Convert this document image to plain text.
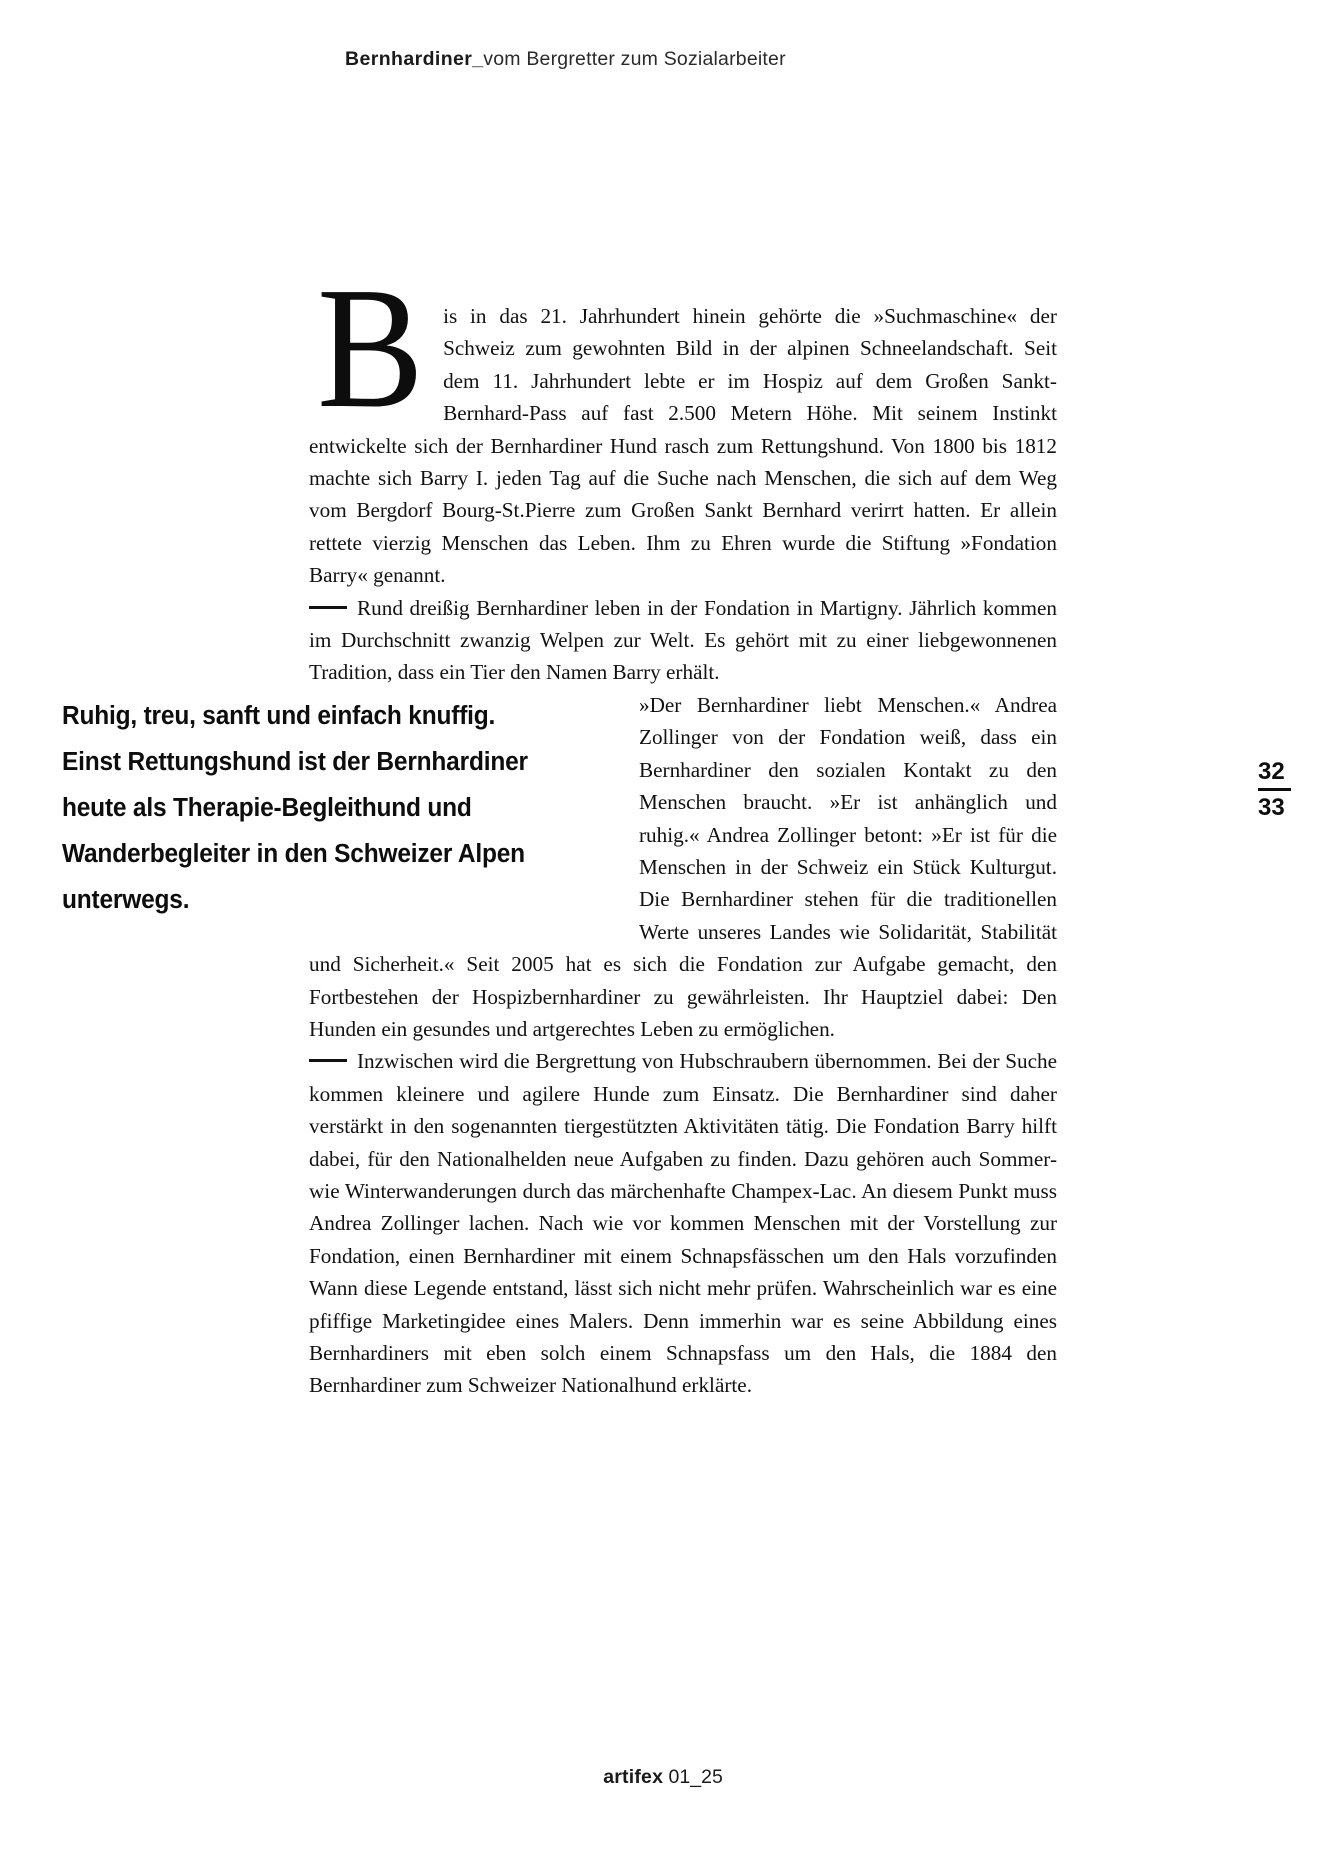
Bernhardiner_vom Bergretter zum Sozialarbeiter

Bis in das 21. Jahrhundert hinein gehörte die »Suchmaschine« der Schweiz zum gewohnten Bild in der alpinen Schneelandschaft. Seit dem 11. Jahrhundert lebte er im Hospiz auf dem Großen Sankt-Bernhard-Pass auf fast 2.500 Metern Höhe. Mit seinem Instinkt entwickelte sich der Bernhardiner Hund rasch zum Rettungshund. Von 1800 bis 1812 machte sich Barry I. jeden Tag auf die Suche nach Menschen, die sich auf dem Weg vom Bergdorf Bourg-St.Pierre zum Großen Sankt Bernhard verirrt hatten. Er allein rettete vierzig Menschen das Leben. Ihm zu Ehren wurde die Stiftung »Fondation Barry« genannt.

Rund dreißig Bernhardiner leben in der Fondation in Martigny. Jährlich kommen im Durchschnitt zwanzig Welpen zur Welt. Es gehört mit zu einer liebgewonnenen Tradition, dass ein Tier den Namen Barry erhält.

»Der Bernhardiner liebt Menschen.« Andrea Zollinger von der Fondation weiß, dass ein Bernhardiner den sozialen Kontakt zu den Menschen braucht. »Er ist anhänglich und ruhig.« Andrea Zollinger betont: »Er ist für die Menschen in der Schweiz ein Stück Kulturgut. Die Bernhardiner stehen für die traditionellen Werte unseres Landes wie Solidarität, Stabilität und Sicherheit.« Seit 2005 hat es sich die Fondation zur Aufgabe gemacht, den Fortbestehen der Hospizbernhardiner zu gewährleisten. Ihr Hauptziel dabei: Den Hunden ein gesundes und artgerechtes Leben zu ermöglichen.

Inzwischen wird die Bergrettung von Hubschraubern übernommen. Bei der Suche kommen kleinere und agilere Hunde zum Einsatz. Die Bernhardiner sind daher verstärkt in den sogenannten tiergestützten Aktivitäten tätig. Die Fondation Barry hilft dabei, für den Nationalhelden neue Aufgaben zu finden. Dazu gehören auch Sommer- wie Winterwanderungen durch das märchenhafte Champex-Lac. An diesem Punkt muss Andrea Zollinger lachen. Nach wie vor kommen Menschen mit der Vorstellung zur Fondation, einen Bernhardiner mit einem Schnapsfässchen um den Hals vorzufinden Wann diese Legende entstand, lässt sich nicht mehr prüfen. Wahrscheinlich war es eine pfiffige Marketingidee eines Malers. Denn immerhin war es seine Abbildung eines Bernhardiners mit eben solch einem Schnapsfass um den Hals, die 1884 den Bernhardiner zum Schweizer Nationalhund erklärte.

Ruhig, treu, sanft und einfach knuffig.
Einst Rettungshund ist der Bernhardiner
heute als Therapie-Begleithund und
Wanderbegleiter in den Schweizer Alpen
unterwegs.
32
33
artifex 01_25
